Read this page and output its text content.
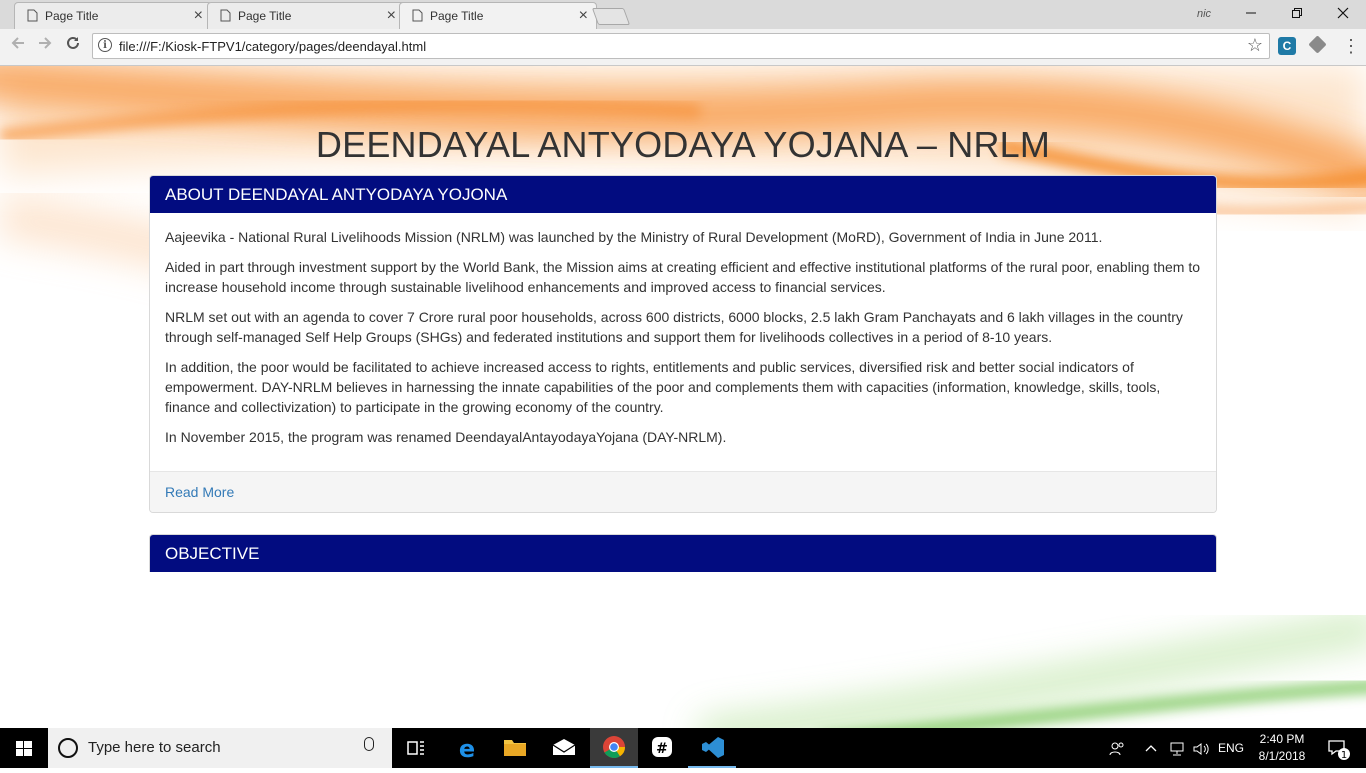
Page Title	×	Page Title	×	Page Title	×	nic
i file:///F:/Kiosk-FTPV1/category/pages/deendayal.html	☆	C	⋮
DEENDAYAL ANTYODAYA YOJANA – NRLM
ABOUT DEENDAYAL ANTYODAYA YOJONA

Aajeevika - National Rural Livelihoods Mission (NRLM) was launched by the Ministry of Rural Development (MoRD), Government of India in June 2011.

Aided in part through investment support by the World Bank, the Mission aims at creating efficient and effective institutional platforms of the rural poor, enabling them to increase household income through sustainable livelihood enhancements and improved access to financial services.

NRLM set out with an agenda to cover 7 Crore rural poor households, across 600 districts, 6000 blocks, 2.5 lakh Gram Panchayats and 6 lakh villages in the country through self-managed Self Help Groups (SHGs) and federated institutions and support them for livelihoods collectives in a period of 8-10 years.

In addition, the poor would be facilitated to achieve increased access to rights, entitlements and public services, diversified risk and better social indicators of empowerment. DAY-NRLM believes in harnessing the innate capabilities of the poor and complements them with capacities (information, knowledge, skills, tools, finance and collectivization) to participate in the growing economy of the country.

In November 2015, the program was renamed DeendayalAntayodayaYojana (DAY-NRLM).

Read More
OBJECTIVE
Type here to search	e	#	ENG
2:40 PM
8/1/2018	1
